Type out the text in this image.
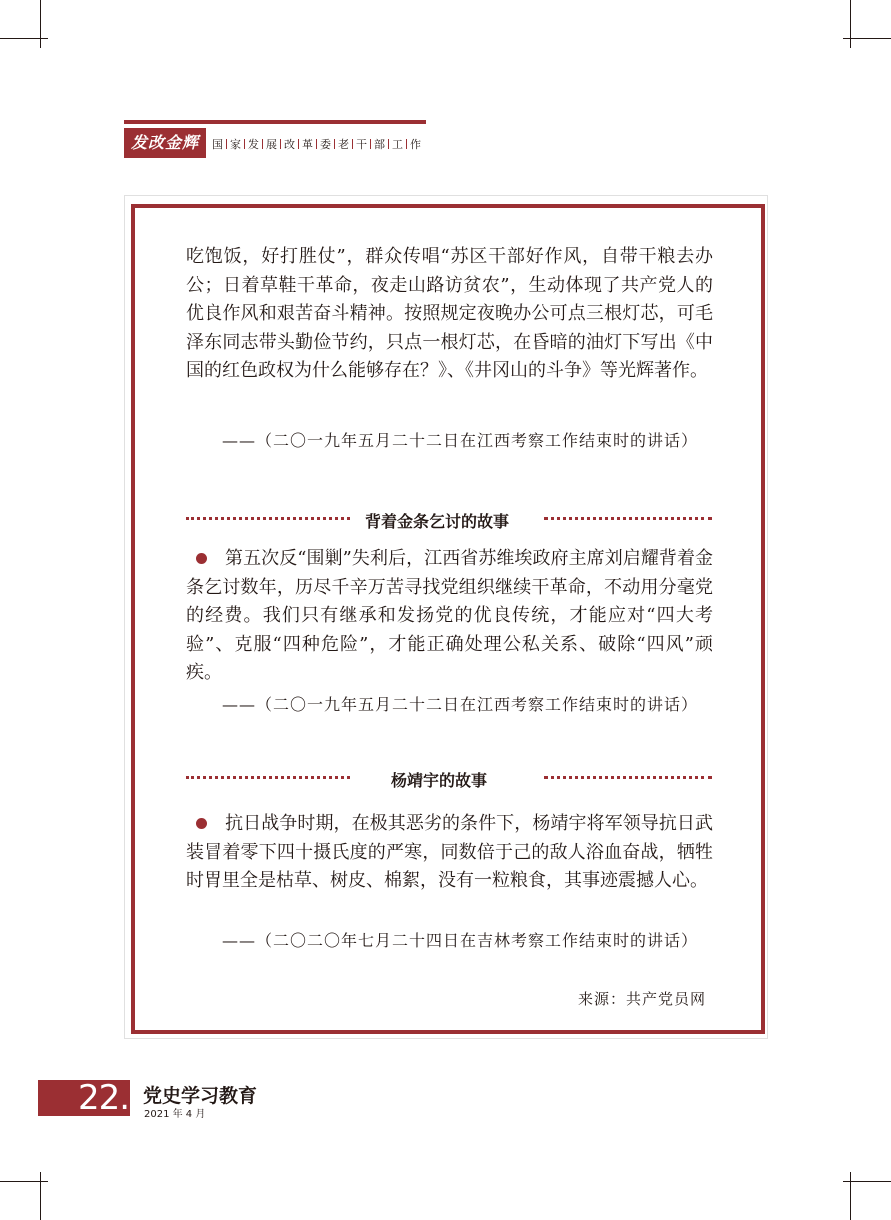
发改金辉	国 家 发 展 改 革 委 老 干 部 工 作

吃饱饭，好打胜仗”，群众传唱“苏区干部好作风，自带干粮去办公；日着草鞋干革命，夜走山路访贫农”，生动体现了共产党人的优良作风和艰苦奋斗精神。按照规定夜晚办公可点三根灯芯，可毛泽东同志带头勤俭节约，只点一根灯芯，在昏暗的油灯下写出《中国的红色政权为什么能够存在？》、《井冈山的斗争》等光辉著作。

——（二〇一九年五月二十二日在江西考察工作结束时的讲话）

背着金条乞讨的故事

第五次反“围剿”失利后，江西省苏维埃政府主席刘启耀背着金条乞讨数年，历尽千辛万苦寻找党组织继续干革命，不动用分毫党的经费。我们只有继承和发扬党的优良传统，才能应对“四大考验”、克服“四种危险”，才能正确处理公私关系、破除“四风”顽疾。

——（二〇一九年五月二十二日在江西考察工作结束时的讲话）

杨靖宇的故事

抗日战争时期，在极其恶劣的条件下，杨靖宇将军领导抗日武装冒着零下四十摄氏度的严寒，同数倍于己的敌人浴血奋战，牺牲时胃里全是枯草、树皮、棉絮，没有一粒粮食，其事迹震撼人心。

——（二〇二〇年七月二十四日在吉林考察工作结束时的讲话）

来源：共产党员网
22. 党史学习教育
2021 年 4 月
